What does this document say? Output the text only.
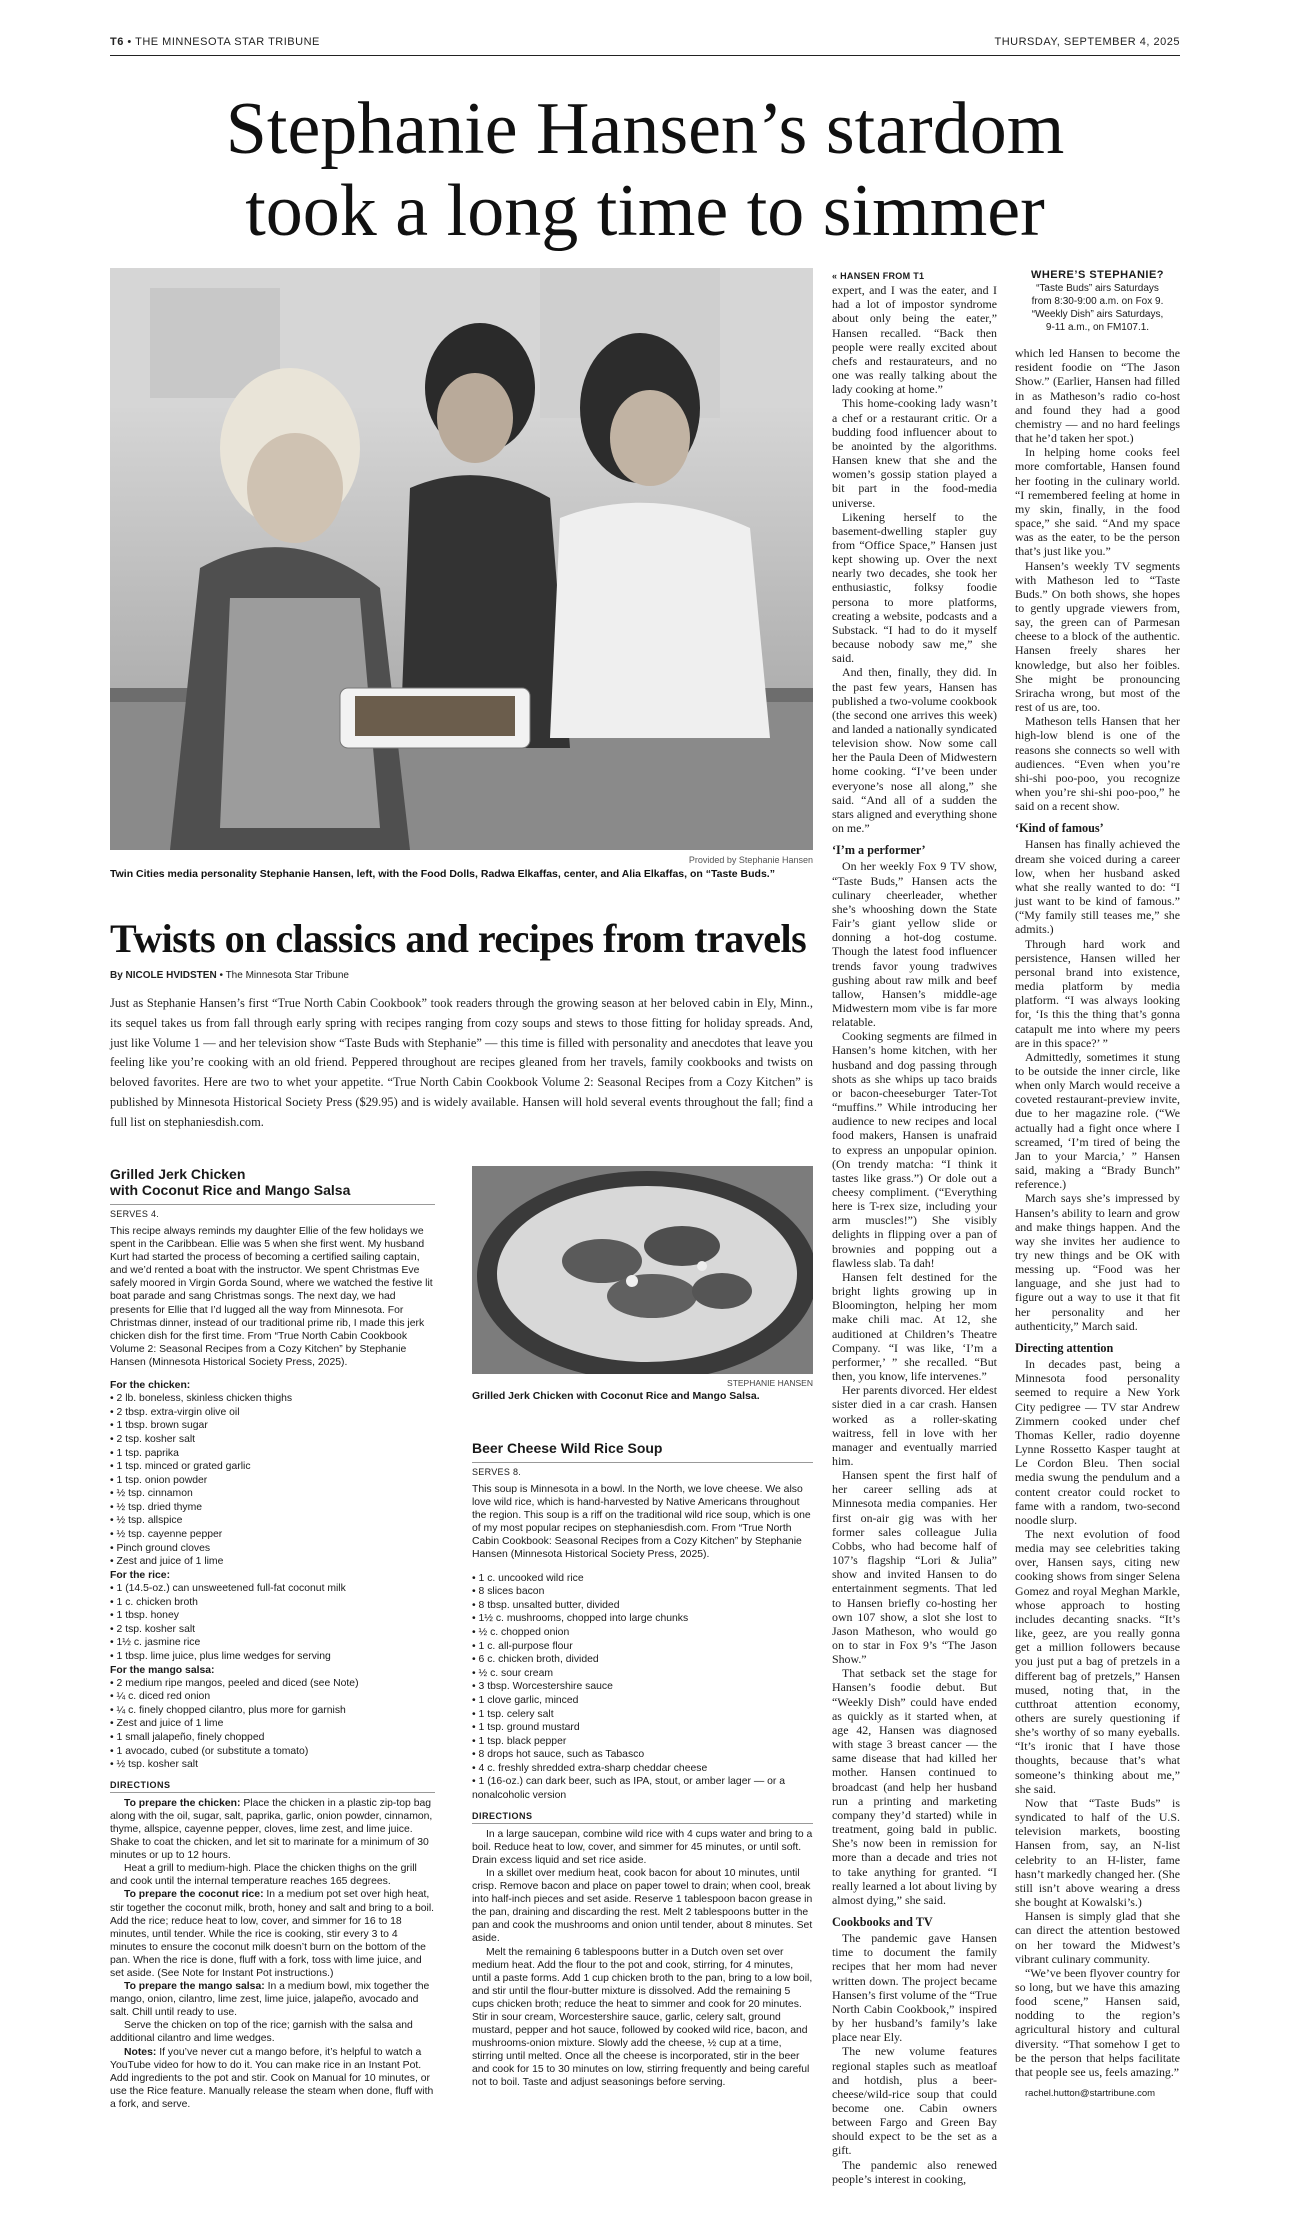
T6 • THE MINNESOTA STAR TRIBUNE	THURSDAY, SEPTEMBER 4, 2025
Stephanie Hansen’s stardom
took a long time to simmer
Provided by Stephanie Hansen
Twin Cities media personality Stephanie Hansen, left, with the Food Dolls, Radwa Elkaffas, center, and Alia Elkaffas, on “Taste Buds.”
Twists on classics and recipes from travels
By NICOLE HVIDSTEN • The Minnesota Star Tribune

Just as Stephanie Hansen’s first “True North Cabin Cookbook” took readers through the growing season at her beloved cabin in Ely, Minn., its sequel takes us from fall through early spring with recipes ranging from cozy soups and stews to those fitting for holiday spreads. And, just like Volume 1 — and her television show “Taste Buds with Stephanie” — this time is filled with personality and anecdotes that leave you feeling like you’re cooking with an old friend. Peppered throughout are recipes gleaned from her travels, family cookbooks and twists on beloved favorites. Here are two to whet your appetite. “True North Cabin Cookbook Volume 2: Seasonal Recipes from a Cozy Kitchen” is published by Minnesota Historical Society Press ($29.95) and is widely available. Hansen will hold several events throughout the fall; find a full list on stephaniesdish.com.

Grilled Jerk Chicken
with Coconut Rice and Mango Salsa
SERVES 4.

This recipe always reminds my daughter Ellie of the few holidays we spent in the Caribbean. Ellie was 5 when she first went. My husband Kurt had started the process of becoming a certified sailing captain, and we’d rented a boat with the instructor. We spent Christmas Eve safely moored in Virgin Gorda Sound, where we watched the festive lit boat parade and sang Christmas songs. The next day, we had presents for Ellie that I’d lugged all the way from Minnesota. For Christmas dinner, instead of our traditional prime rib, I made this jerk chicken dish for the first time. From “True North Cabin Cookbook Volume 2: Seasonal Recipes from a Cozy Kitchen” by Stephanie Hansen (Minnesota Historical Society Press, 2025).

For the chicken:
• 2 lb. boneless, skinless chicken thighs
• 2 tbsp. extra-virgin olive oil
• 1 tbsp. brown sugar
• 2 tsp. kosher salt
• 1 tsp. paprika
• 1 tsp. minced or grated garlic
• 1 tsp. onion powder
• ½ tsp. cinnamon
• ½ tsp. dried thyme
• ½ tsp. allspice
• ½ tsp. cayenne pepper
• Pinch ground cloves
• Zest and juice of 1 lime
For the rice:
• 1 (14.5-oz.) can unsweetened full-fat coconut milk
• 1 c. chicken broth
• 1 tbsp. honey
• 2 tsp. kosher salt
• 1½ c. jasmine rice
• 1 tbsp. lime juice, plus lime wedges for serving
For the mango salsa:
• 2 medium ripe mangos, peeled and diced (see Note)
• ¼ c. diced red onion
• ¼ c. finely chopped cilantro, plus more for garnish
• Zest and juice of 1 lime
• 1 small jalapeño, finely chopped
• 1 avocado, cubed (or substitute a tomato)
• ½ tsp. kosher salt
DIRECTIONS

To prepare the chicken: Place the chicken in a plastic zip-top bag along with the oil, sugar, salt, paprika, garlic, onion powder, cinnamon, thyme, allspice, cayenne pepper, cloves, lime zest, and lime juice. Shake to coat the chicken, and let sit to marinate for a minimum of 30 minutes or up to 12 hours.

Heat a grill to medium-high. Place the chicken thighs on the grill and cook until the internal temperature reaches 165 degrees.

To prepare the coconut rice: In a medium pot set over high heat, stir together the coconut milk, broth, honey and salt and bring to a boil. Add the rice; reduce heat to low, cover, and simmer for 16 to 18 minutes, until tender. While the rice is cooking, stir every 3 to 4 minutes to ensure the coconut milk doesn’t burn on the bottom of the pan. When the rice is done, fluff with a fork, toss with lime juice, and set aside. (See Note for Instant Pot instructions.)

To prepare the mango salsa: In a medium bowl, mix together the mango, onion, cilantro, lime zest, lime juice, jalapeño, avocado and salt. Chill until ready to use.

Serve the chicken on top of the rice; garnish with the salsa and additional cilantro and lime wedges.

Notes: If you’ve never cut a mango before, it’s helpful to watch a YouTube video for how to do it. You can make rice in an Instant Pot. Add ingredients to the pot and stir. Cook on Manual for 10 minutes, or use the Rice feature. Manually release the steam when done, fluff with a fork, and serve.

STEPHANIE HANSEN
Grilled Jerk Chicken with Coconut Rice and Mango Salsa.
Beer Cheese Wild Rice Soup
SERVES 8.

This soup is Minnesota in a bowl. In the North, we love cheese. We also love wild rice, which is hand-harvested by Native Americans throughout the region. This soup is a riff on the traditional wild rice soup, which is one of my most popular recipes on stephaniesdish.com. From “True North Cabin Cookbook: Seasonal Recipes from a Cozy Kitchen” by Stephanie Hansen (Minnesota Historical Society Press, 2025).

• 1 c. uncooked wild rice
• 8 slices bacon
• 8 tbsp. unsalted butter, divided
• 1½ c. mushrooms, chopped into large chunks
• ½ c. chopped onion
• 1 c. all-purpose flour
• 6 c. chicken broth, divided
• ½ c. sour cream
• 3 tbsp. Worcestershire sauce
• 1 clove garlic, minced
• 1 tsp. celery salt
• 1 tsp. ground mustard
• 1 tsp. black pepper
• 8 drops hot sauce, such as Tabasco
• 4 c. freshly shredded extra-sharp cheddar cheese
• 1 (16-oz.) can dark beer, such as IPA, stout, or amber lager — or a nonalcoholic version
DIRECTIONS

In a large saucepan, combine wild rice with 4 cups water and bring to a boil. Reduce heat to low, cover, and simmer for 45 minutes, or until soft. Drain excess liquid and set rice aside.

In a skillet over medium heat, cook bacon for about 10 minutes, until crisp. Remove bacon and place on paper towel to drain; when cool, break into half-inch pieces and set aside. Reserve 1 tablespoon bacon grease in the pan, draining and discarding the rest. Melt 2 tablespoons butter in the pan and cook the mushrooms and onion until tender, about 8 minutes. Set aside.

Melt the remaining 6 tablespoons butter in a Dutch oven set over medium heat. Add the flour to the pot and cook, stirring, for 4 minutes, until a paste forms. Add 1 cup chicken broth to the pan, bring to a low boil, and stir until the flour-butter mixture is dissolved. Add the remaining 5 cups chicken broth; reduce the heat to simmer and cook for 20 minutes. Stir in sour cream, Worcestershire sauce, garlic, celery salt, ground mustard, pepper and hot sauce, followed by cooked wild rice, bacon, and mushrooms-onion mixture. Slowly add the cheese, ½ cup at a time, stirring until melted. Once all the cheese is incorporated, stir in the beer and cook for 15 to 30 minutes on low, stirring frequently and being careful not to boil. Taste and adjust seasonings before serving.

« HANSEN FROM T1
expert, and I was the eater, and I had a lot of impostor syndrome about only being the eater,” Hansen recalled. “Back then people were really excited about chefs and restaurateurs, and no one was really talking about the lady cooking at home.”

This home-cooking lady wasn’t a chef or a restaurant critic. Or a budding food influencer about to be anointed by the algorithms. Hansen knew that she and the women’s gossip station played a bit part in the food-media universe.

Likening herself to the basement-dwelling stapler guy from “Office Space,” Hansen just kept showing up. Over the next nearly two decades, she took her enthusiastic, folksy foodie persona to more platforms, creating a website, podcasts and a Substack. “I had to do it myself because nobody saw me,” she said.

And then, finally, they did. In the past few years, Hansen has published a two-volume cookbook (the second one arrives this week) and landed a nationally syndicated television show. Now some call her the Paula Deen of Midwestern home cooking. “I’ve been under everyone’s nose all along,” she said. “And all of a sudden the stars aligned and everything shone on me.”

‘I’m a performer’

On her weekly Fox 9 TV show, “Taste Buds,” Hansen acts the culinary cheerleader, whether she’s whooshing down the State Fair’s giant yellow slide or donning a hot-dog costume. Though the latest food influencer trends favor young tradwives gushing about raw milk and beef tallow, Hansen’s middle-age Midwestern mom vibe is far more relatable.

Cooking segments are filmed in Hansen’s home kitchen, with her husband and dog passing through shots as she whips up taco braids or bacon-cheeseburger Tater-Tot “muffins.” While introducing her audience to new recipes and local food makers, Hansen is unafraid to express an unpopular opinion. (On trendy matcha: “I think it tastes like grass.”) Or dole out a cheesy compliment. (“Everything here is T-rex size, including your arm muscles!”) She visibly delights in flipping over a pan of brownies and popping out a flawless slab. Ta dah!

Hansen felt destined for the bright lights growing up in Bloomington, helping her mom make chili mac. At 12, she auditioned at Children’s Theatre Company. “I was like, ‘I’m a performer,’ ” she recalled. “But then, you know, life intervenes.”

Her parents divorced. Her eldest sister died in a car crash. Hansen worked as a roller-skating waitress, fell in love with her manager and eventually married him.

Hansen spent the first half of her career selling ads at Minnesota media companies. Her first on-air gig was with her former sales colleague Julia Cobbs, who had become half of 107’s flagship “Lori & Julia” show and invited Hansen to do entertainment segments. That led to Hansen briefly co-hosting her own 107 show, a slot she lost to Jason Matheson, who would go on to star in Fox 9’s “The Jason Show.”

That setback set the stage for Hansen’s foodie debut. But “Weekly Dish” could have ended as quickly as it started when, at age 42, Hansen was diagnosed with stage 3 breast cancer — the same disease that had killed her mother. Hansen continued to broadcast (and help her husband run a printing and marketing company they’d started) while in treatment, going bald in public. She’s now been in remission for more than a decade and tries not to take anything for granted. “I really learned a lot about living by almost dying,” she said.

Cookbooks and TV

The pandemic gave Hansen time to document the family recipes that her mom had never written down. The project became Hansen’s first volume of the “True North Cabin Cookbook,” inspired by her husband’s family’s lake place near Ely.

The new volume features regional staples such as meatloaf and hotdish, plus a beer-cheese/wild-rice soup that could become one. Cabin owners between Fargo and Green Bay should expect to be the set as a gift.

The pandemic also renewed people’s interest in cooking,

WHERE’S STEPHANIE?
“Taste Buds” airs Saturdays
from 8:30-9:00 a.m. on Fox 9.
“Weekly Dish” airs Saturdays,
9-11 a.m., on FM107.1.

which led Hansen to become the resident foodie on “The Jason Show.” (Earlier, Hansen had filled in as Matheson’s radio co-host and found they had a good chemistry — and no hard feelings that he’d taken her spot.)

In helping home cooks feel more comfortable, Hansen found her footing in the culinary world. “I remembered feeling at home in my skin, finally, in the food space,” she said. “And my space was as the eater, to be the person that’s just like you.”

Hansen’s weekly TV segments with Matheson led to “Taste Buds.” On both shows, she hopes to gently upgrade viewers from, say, the green can of Parmesan cheese to a block of the authentic. Hansen freely shares her knowledge, but also her foibles. She might be pronouncing Sriracha wrong, but most of the rest of us are, too.

Matheson tells Hansen that her high-low blend is one of the reasons she connects so well with audiences. “Even when you’re shi-shi poo-poo, you recognize when you’re shi-shi poo-poo,” he said on a recent show.

‘Kind of famous’

Hansen has finally achieved the dream she voiced during a career low, when her husband asked what she really wanted to do: “I just want to be kind of famous.” (“My family still teases me,” she admits.)

Through hard work and persistence, Hansen willed her personal brand into existence, media platform by media platform. “I was always looking for, ‘Is this the thing that’s gonna catapult me into where my peers are in this space?’ ”

Admittedly, sometimes it stung to be outside the inner circle, like when only March would receive a coveted restaurant-preview invite, due to her magazine role. (“We actually had a fight once where I screamed, ‘I’m tired of being the Jan to your Marcia,’ ” Hansen said, making a “Brady Bunch” reference.)

March says she’s impressed by Hansen’s ability to learn and grow and make things happen. And the way she invites her audience to try new things and be OK with messing up. “Food was her language, and she just had to figure out a way to use it that fit her personality and her authenticity,” March said.

Directing attention

In decades past, being a Minnesota food personality seemed to require a New York City pedigree — TV star Andrew Zimmern cooked under chef Thomas Keller, radio doyenne Lynne Rossetto Kasper taught at Le Cordon Bleu. Then social media swung the pendulum and a content creator could rocket to fame with a random, two-second noodle slurp.

The next evolution of food media may see celebrities taking over, Hansen says, citing new cooking shows from singer Selena Gomez and royal Meghan Markle, whose approach to hosting includes decanting snacks. “It’s like, geez, are you really gonna get a million followers because you just put a bag of pretzels in a different bag of pretzels,” Hansen mused, noting that, in the cutthroat attention economy, others are surely questioning if she’s worthy of so many eyeballs. “It’s ironic that I have those thoughts, because that’s what someone’s thinking about me,” she said.

Now that “Taste Buds” is syndicated to half of the U.S. television markets, boosting Hansen from, say, an N-list celebrity to an H-lister, fame hasn’t markedly changed her. (She still isn’t above wearing a dress she bought at Kowalski’s.)

Hansen is simply glad that she can direct the attention bestowed on her toward the Midwest’s vibrant culinary community.

“We’ve been flyover country for so long, but we have this amazing food scene,” Hansen said, nodding to the region’s agricultural history and cultural diversity. “That somehow I get to be the person that helps facilitate that people see us, feels amazing.”

rachel.hutton@startribune.com
